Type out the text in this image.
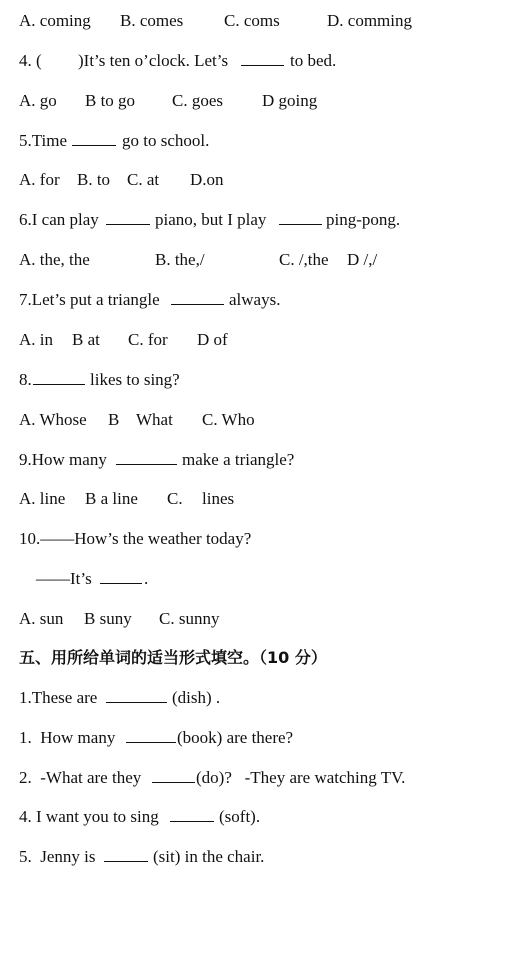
A. coming

B. comes

C. coms

	D. comming

4. (

)It’s ten o’clock. Let’s

	to bed.

A. go

B to go

C. goes

D going

5.Time

	go to school.

A. for

B. to

C. at

D.on

6.I can play

	piano, but I play

	ping-pong.

A. the, the

	B. the,/

	C. /,the

D /,/

7.Let’s put a triangle

	always.

A. in

B at

C. for

D of

8.

	likes to sing?

A. Whose

B

What

C. Who

9.How many

	make a triangle?

A. line

B a line

C.

lines

10.——How’s the weather today?

——It’s

	.

A. sun

B suny

C. sunny

五、用所给单词的适当形式填空。（10 分）

1.These are

	(dish) .

1.  How many

	(book) are there?

2.  -What are they

	(do)?   -They are watching TV.

4. I want you to sing

	(soft).

5.  Jenny is

	(sit) in the chair.
